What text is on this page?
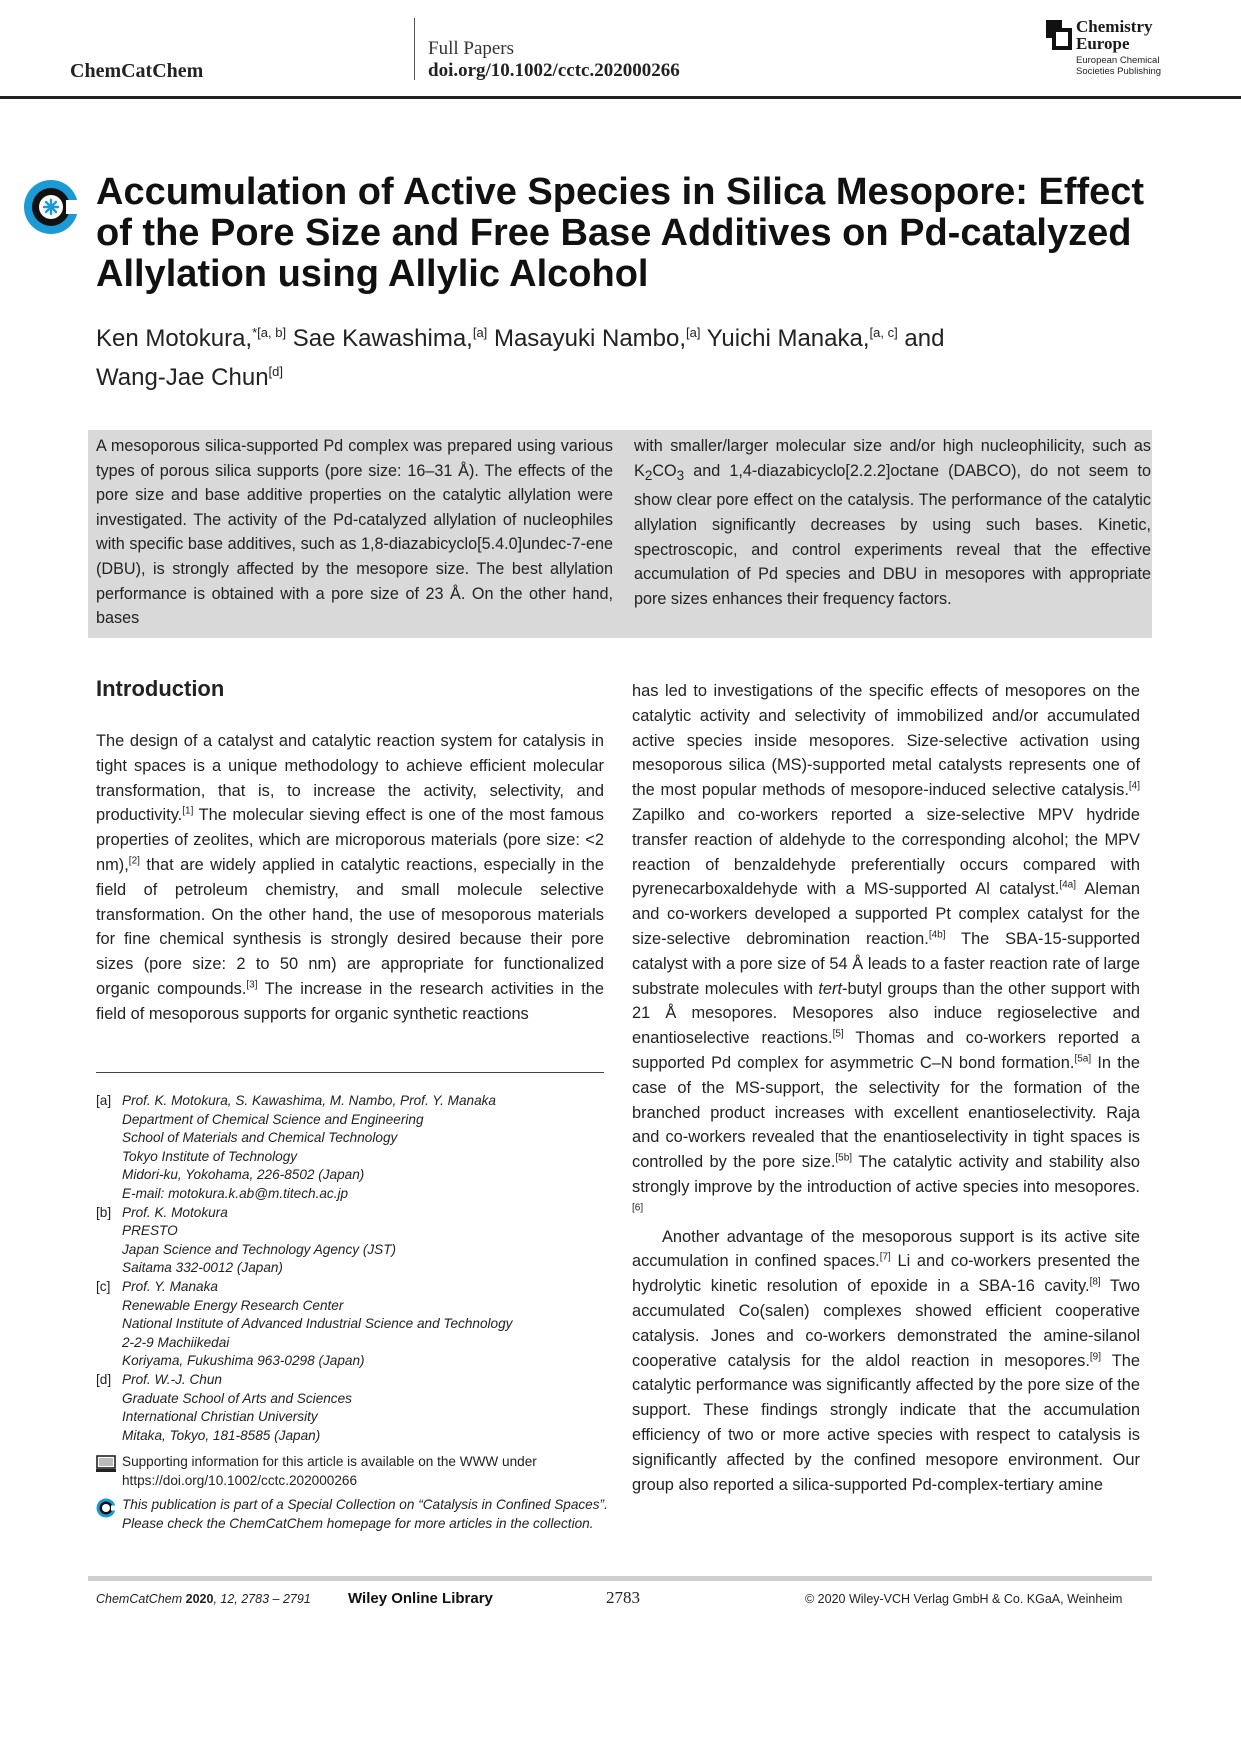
ChemCatChem
Full Papers
doi.org/10.1002/cctc.202000266
Chemistry
Europe
European Chemical
Societies Publishing
Accumulation of Active Species in Silica Mesopore: Effect of the Pore Size and Free Base Additives on Pd-catalyzed Allylation using Allylic Alcohol
Ken Motokura,$^{*[a, b]}$ Sae Kawashima,[a] Masayuki Nambo,[a] Yuichi Manaka,[a, c] and
Wang-Jae Chun[d]
A mesoporous silica-supported Pd complex was prepared using various types of porous silica supports (pore size: 16–31 Å). The effects of the pore size and base additive properties on the catalytic allylation were investigated. The activity of the Pd-catalyzed allylation of nucleophiles with specific base additives, such as 1,8-diazabicyclo[5.4.0]undec-7-ene (DBU), is strongly affected by the mesopore size. The best allylation performance is obtained with a pore size of 23 Å. On the other hand, bases
with smaller/larger molecular size and/or high nucleophilicity, such as $K_2CO_3$ and 1,4-diazabicyclo[2.2.2]octane (DABCO), do not seem to show clear pore effect on the catalysis. The performance of the catalytic allylation significantly decreases by using such bases. Kinetic, spectroscopic, and control experiments reveal that the effective accumulation of Pd species and DBU in mesopores with appropriate pore sizes enhances their frequency factors.
Introduction
The design of a catalyst and catalytic reaction system for catalysis in tight spaces is a unique methodology to achieve efficient molecular transformation, that is, to increase the activity, selectivity, and productivity.[1] The molecular sieving effect is one of the most famous properties of zeolites, which are microporous materials (pore size: <2 nm),[2] that are widely applied in catalytic reactions, especially in the field of petroleum chemistry, and small molecule selective transformation. On the other hand, the use of mesoporous materials for fine chemical synthesis is strongly desired because their pore sizes (pore size: 2 to 50 nm) are appropriate for functionalized organic compounds.[3] The increase in the research activities in the field of mesoporous supports for organic synthetic reactions

has led to investigations of the specific effects of mesopores on the catalytic activity and selectivity of immobilized and/or accumulated active species inside mesopores. Size-selective activation using mesoporous silica (MS)-supported metal catalysts represents one of the most popular methods of mesopore-induced selective catalysis.[4] Zapilko and co-workers reported a size-selective MPV hydride transfer reaction of aldehyde to the corresponding alcohol; the MPV reaction of benzaldehyde preferentially occurs compared with pyrenecarboxaldehyde with a MS-supported Al catalyst.[4a] Aleman and co-workers developed a supported Pt complex catalyst for the size-selective debromination reaction.[4b] The SBA-15-supported catalyst with a pore size of 54 Å leads to a faster reaction rate of large substrate molecules with tert-butyl groups than the other support with 21 Å mesopores. Mesopores also induce regioselective and enantioselective reactions.[5] Thomas and co-workers reported a supported Pd complex for asymmetric C–N bond formation.[5a] In the case of the MS-support, the selectivity for the formation of the branched product increases with excellent enantioselectivity. Raja and co-workers revealed that the enantioselectivity in tight spaces is controlled by the pore size.[5b] The catalytic activity and stability also strongly improve by the introduction of active species into mesopores.[6]

Another advantage of the mesoporous support is its active site accumulation in confined spaces.[7] Li and co-workers presented the hydrolytic kinetic resolution of epoxide in a SBA-16 cavity.[8] Two accumulated Co(salen) complexes showed efficient cooperative catalysis. Jones and co-workers demonstrated the amine-silanol cooperative catalysis for the aldol reaction in mesopores.[9] The catalytic performance was significantly affected by the pore size of the support. These findings strongly indicate that the accumulation efficiency of two or more active species with respect to catalysis is significantly affected by the confined mesopore environment. Our group also reported a silica-supported Pd-complex-tertiary amine

[a] Prof. K. Motokura, S. Kawashima, M. Nambo, Prof. Y. Manaka
Department of Chemical Science and Engineering
School of Materials and Chemical Technology
Tokyo Institute of Technology
Midori-ku, Yokohama, 226-8502 (Japan)
E-mail: motokura.k.ab@m.titech.ac.jp
[b] Prof. K. Motokura
PRESTO
Japan Science and Technology Agency (JST)
Saitama 332-0012 (Japan)
[c] Prof. Y. Manaka
Renewable Energy Research Center
National Institute of Advanced Industrial Science and Technology
2-2-9 Machiikedai
Koriyama, Fukushima 963-0298 (Japan)
[d] Prof. W.-J. Chun
Graduate School of Arts and Sciences
International Christian University
Mitaka, Tokyo, 181-8585 (Japan)
Supporting information for this article is available on the WWW under https://doi.org/10.1002/cctc.202000266
This publication is part of a Special Collection on “Catalysis in Confined Spaces”. Please check the ChemCatChem homepage for more articles in the collection.
ChemCatChem 2020, 12, 2783 – 2791 Wiley Online Library	2783	© 2020 Wiley-VCH Verlag GmbH & Co. KGaA, Weinheim
